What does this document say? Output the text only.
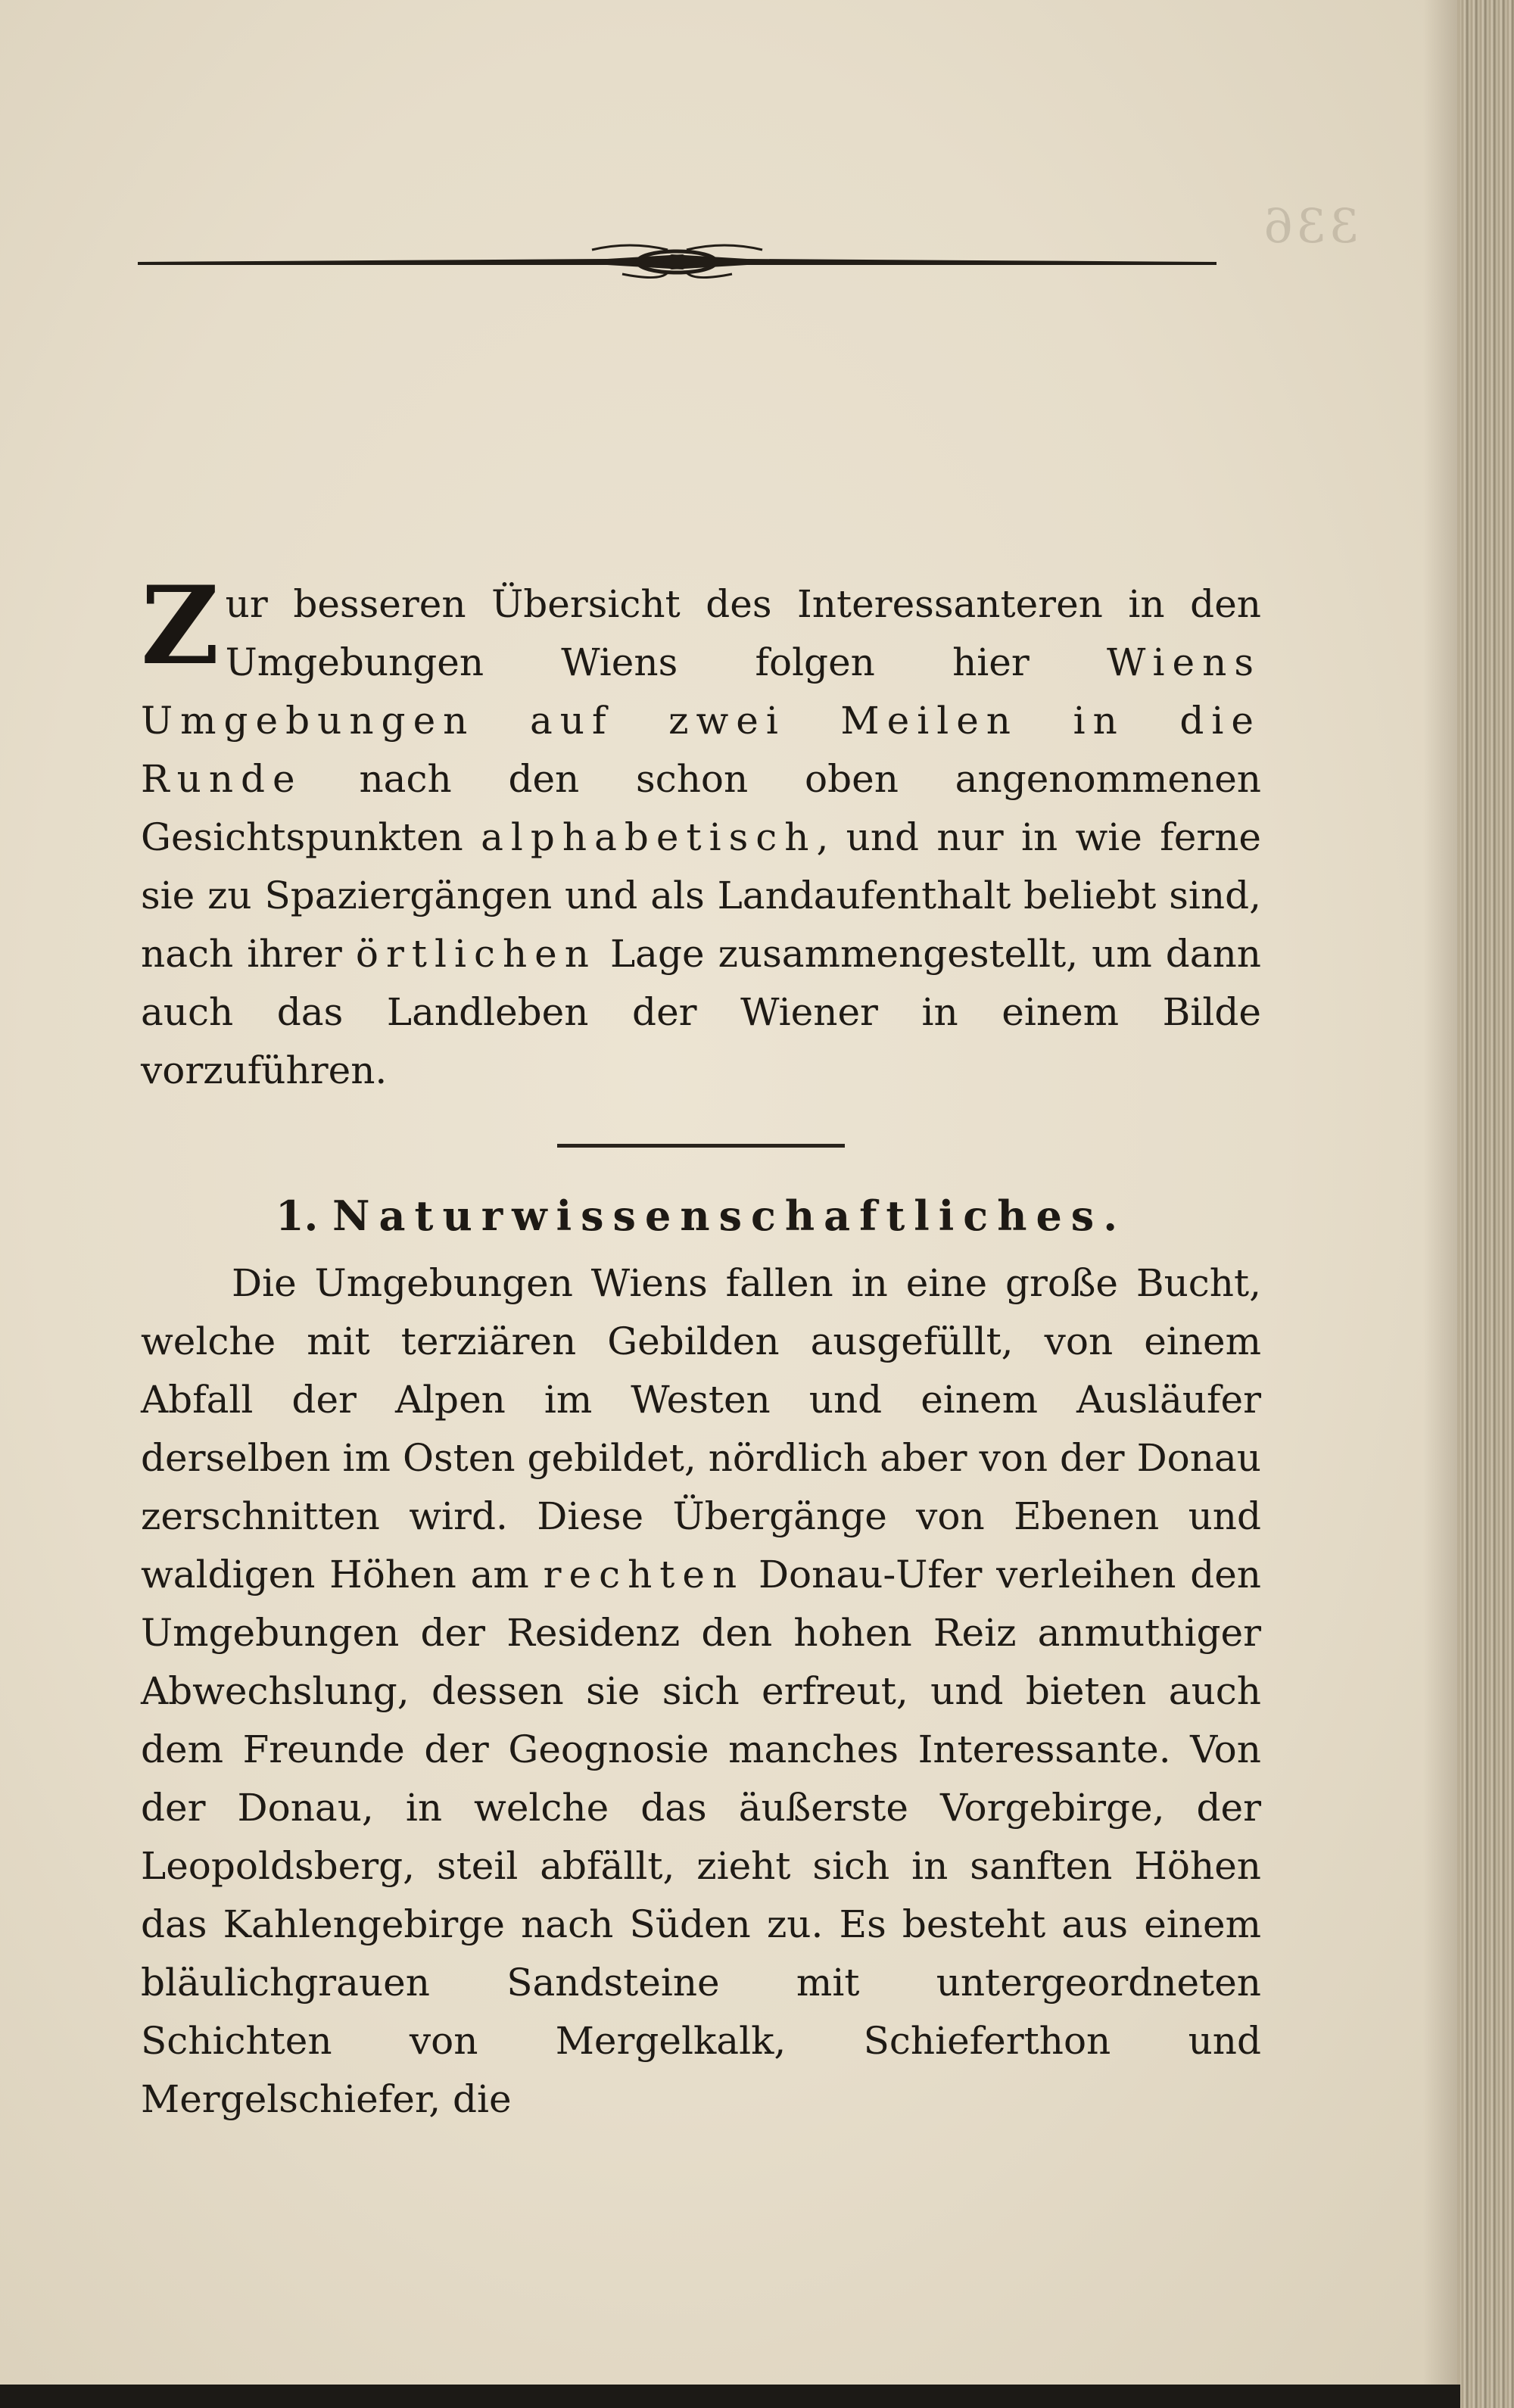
336

Zur besseren Übersicht des Interessanteren in den Umgebungen Wiens folgen hier Wiens Umgebungen auf zwei Meilen in die Runde nach den schon oben angenommenen Gesichtspunkten alphabetisch, und nur in wie ferne sie zu Spaziergängen und als Landaufenthalt beliebt sind, nach ihrer örtlichen Lage zusammengestellt, um dann auch das Landleben der Wiener in einem Bilde vorzuführen.

1. Naturwissenschaftliches.

Die Umgebungen Wiens fallen in eine große Bucht, welche mit terziären Gebilden ausgefüllt, von einem Abfall der Alpen im Westen und einem Ausläufer derselben im Osten gebildet, nördlich aber von der Donau zerschnitten wird. Diese Übergänge von Ebenen und waldigen Höhen am rechten Donau-Ufer verleihen den Umgebungen der Residenz den hohen Reiz anmuthiger Abwechslung, dessen sie sich erfreut, und bieten auch dem Freunde der Geognosie manches Interessante. Von der Donau, in welche das äußerste Vorgebirge, der Leopoldsberg, steil abfällt, zieht sich in sanften Höhen das Kahlengebirge nach Süden zu. Es besteht aus einem bläulichgrauen Sandsteine mit untergeordneten Schichten von Mergelkalk, Schieferthon und Mergelschiefer, die
